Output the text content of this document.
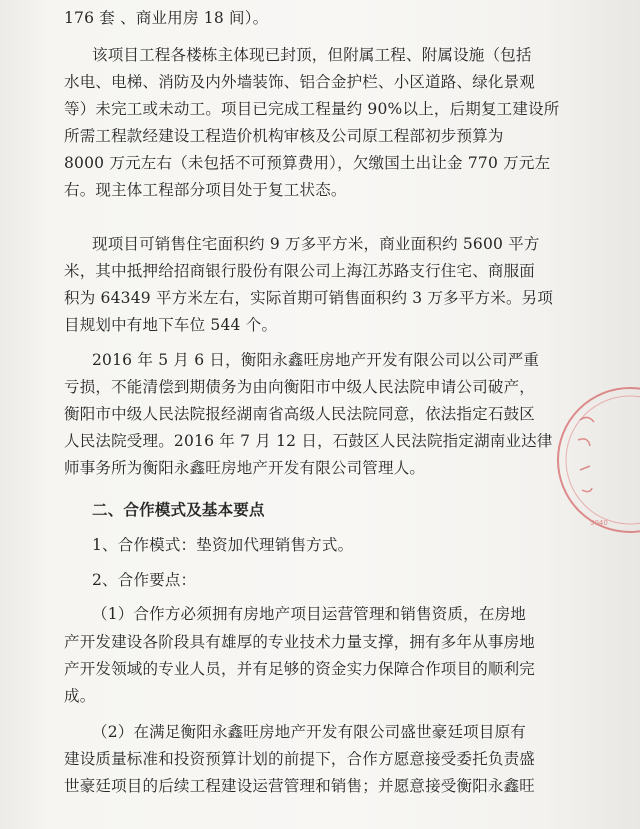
176 套 、商业用房 18 间）。
该项目工程各楼栋主体现已封顶，但附属工程、附属设施（包括
水电、电梯、消防及内外墙装饰、铝合金护栏、小区道路、绿化景观
等）未完工或未动工。项目已完成工程量约 90%以上，后期复工建设所
所需工程款经建设工程造价机构审核及公司原工程部初步预算为
8000 万元左右（未包括不可预算费用），欠缴国土出让金 770 万元左
右。现主体工程部分项目处于复工状态。
现项目可销售住宅面积约 9 万多平方米，商业面积约 5600 平方
米，其中抵押给招商银行股份有限公司上海江苏路支行住宅、商服面
积为 64349 平方米左右，实际首期可销售面积约 3 万多平方米。另项
目规划中有地下车位 544 个。
2016 年 5 月 6 日，衡阳永鑫旺房地产开发有限公司以公司严重
亏损，不能清偿到期债务为由向衡阳市中级人民法院申请公司破产，
衡阳市中级人民法院报经湖南省高级人民法院同意，依法指定石鼓区
人民法院受理。2016 年 7 月 12 日，石鼓区人民法院指定湖南业达律
师事务所为衡阳永鑫旺房地产开发有限公司管理人。
二、合作模式及基本要点
1、合作模式：垫资加代理销售方式。
2、合作要点：
（1）合作方必须拥有房地产项目运营管理和销售资质，在房地
产开发建设各阶段具有雄厚的专业技术力量支撑，拥有多年从事房地
产开发领域的专业人员，并有足够的资金实力保障合作项目的顺利完
成。
（2）在满足衡阳永鑫旺房地产开发有限公司盛世豪廷项目原有
建设质量标准和投资预算计划的前提下，合作方愿意接受委托负责盛
世豪廷项目的后续工程建设运营管理和销售；并愿意接受衡阳永鑫旺
3040
